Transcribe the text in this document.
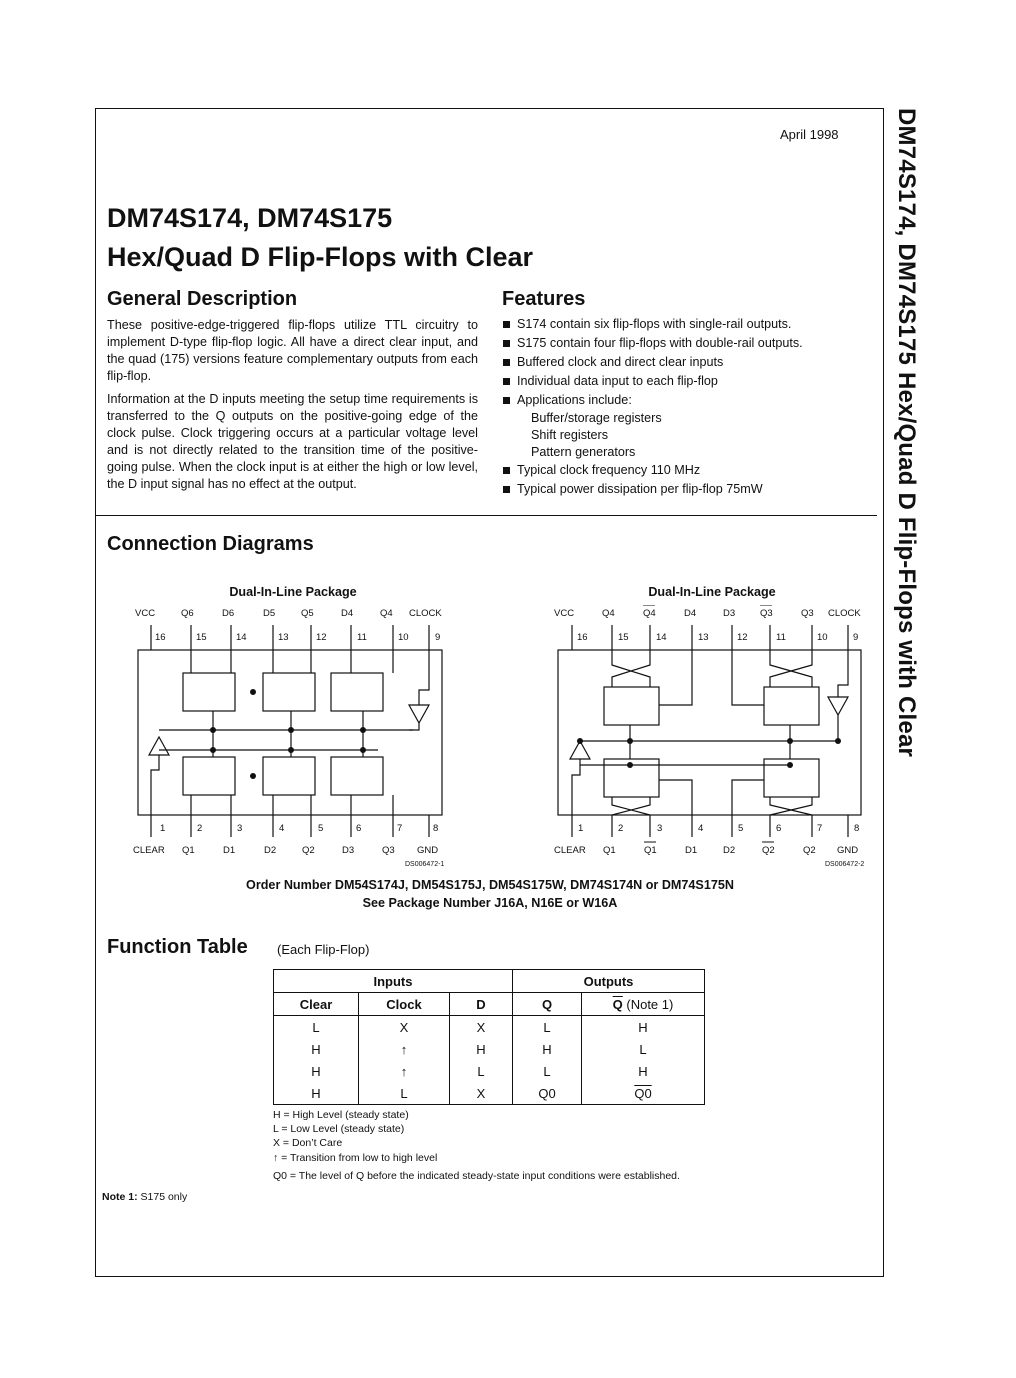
April 1998 DM74S174, DM74S175 Hex/Quad D Flip-Flops with Clear
DM74S174, DM74S175
Hex/Quad D Flip-Flops with Clear
General Description

These positive-edge-triggered flip-flops utilize TTL circuitry to implement D-type flip-flop logic. All have a direct clear input, and the quad (175) versions feature complementary outputs from each flip-flop.

Information at the D inputs meeting the setup time requirements is transferred to the Q outputs on the positive-going edge of the clock pulse. Clock triggering occurs at a particular voltage level and is not directly related to the transition time of the positive-going pulse. When the clock input is at either the high or low level, the D input signal has no effect at the output.

Features
S174 contain six flip-flops with single-rail outputs.
S175 contain four flip-flops with double-rail outputs.
Buffered clock and direct clear inputs
Individual data input to each flip-flop
Applications include:
Buffer/storage registers
Shift registers
Pattern generators
Typical clock frequency 110 MHz
Typical power dissipation per flip-flop 75mW
Connection Diagrams
Dual-In-Line Package
VCC	Q6	D6	D5	Q5	D4	Q4 CLOCK
16	15	14	13	12	11	10	9
1	2	3	4	5	6	7	8
CLEAR Q1	D1	D2	Q2	D3	Q3 GND
DS006472-1
Dual-In-Line Package
VCC	Q4	Q4	D4	D3	Q3	Q3 CLOCK
16	15	14	13	12	11	10	9
1	2	3	4	5	6	7	8
CLEAR Q1	Q1	D1	D2	Q2	Q2 GND
DS006472-2
Order Number DM54S174J, DM54S175J, DM54S175W, DM74S174N or DM74S175N
See Package Number J16A, N16E or W16A
Function Table (Each Flip-Flop)
Inputs			Outputs	
Clear	Clock	D	Q	$\overline{Q}$ (Note 1)
L	X	X	L	H
H	↑	H	H	L
H	↑	L	L	H
H	L	X	Q0	Q0
H = High Level (steady state)
L = Low Level (steady state)
X = Don’t Care
↑ = Transition from low to high level
Q0 = The level of Q before the indicated steady-state input conditions were established.
Note 1: S175 only
